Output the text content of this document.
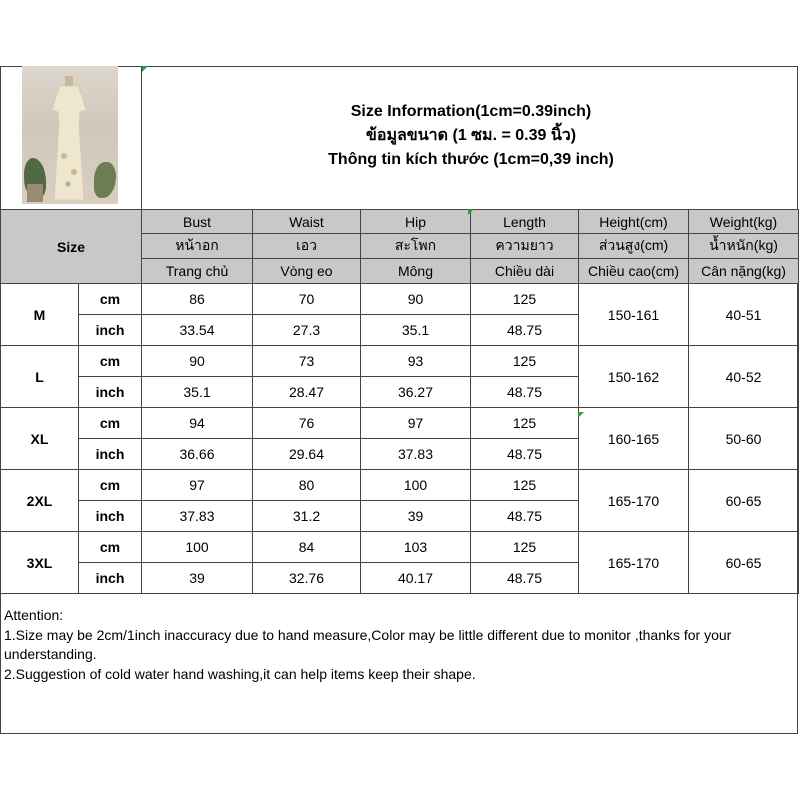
Size Information(1cm=0.39inch)
ข้อมูลขนาด (1 ซม. = 0.39 นิ้ว)
Thông tin kích thước (1cm=0,39 inch)
Size		Bust	Waist	Hip	Length	Height(cm)	Weight(kg)
		หน้าอก	เอว	สะโพก	ความยาว	ส่วนสูง(cm)	น้ำหนัก(kg)
		Trang chủ	Vòng eo	Mông	Chiều dài	Chiều cao(cm)	Cân nặng(kg)
M	cm	86	70	90	125	150-161	40-51
	inch	33.54	27.3	35.1	48.75		
L	cm	90	73	93	125	150-162	40-52
	inch	35.1	28.47	36.27	48.75		
XL	cm	94	76	97	125	160-165	50-60
	inch	36.66	29.64	37.83	48.75		
2XL	cm	97	80	100	125	165-170	60-65
	inch	37.83	31.2	39	48.75		
3XL	cm	100	84	103	125	165-170	60-65
	inch	39	32.76	40.17	48.75		
Attention:
1.Size may be 2cm/1inch inaccuracy due to hand measure,Color may be little different due to monitor ,thanks for your understanding.
2.Suggestion of cold water hand washing,it can help items keep their shape.
